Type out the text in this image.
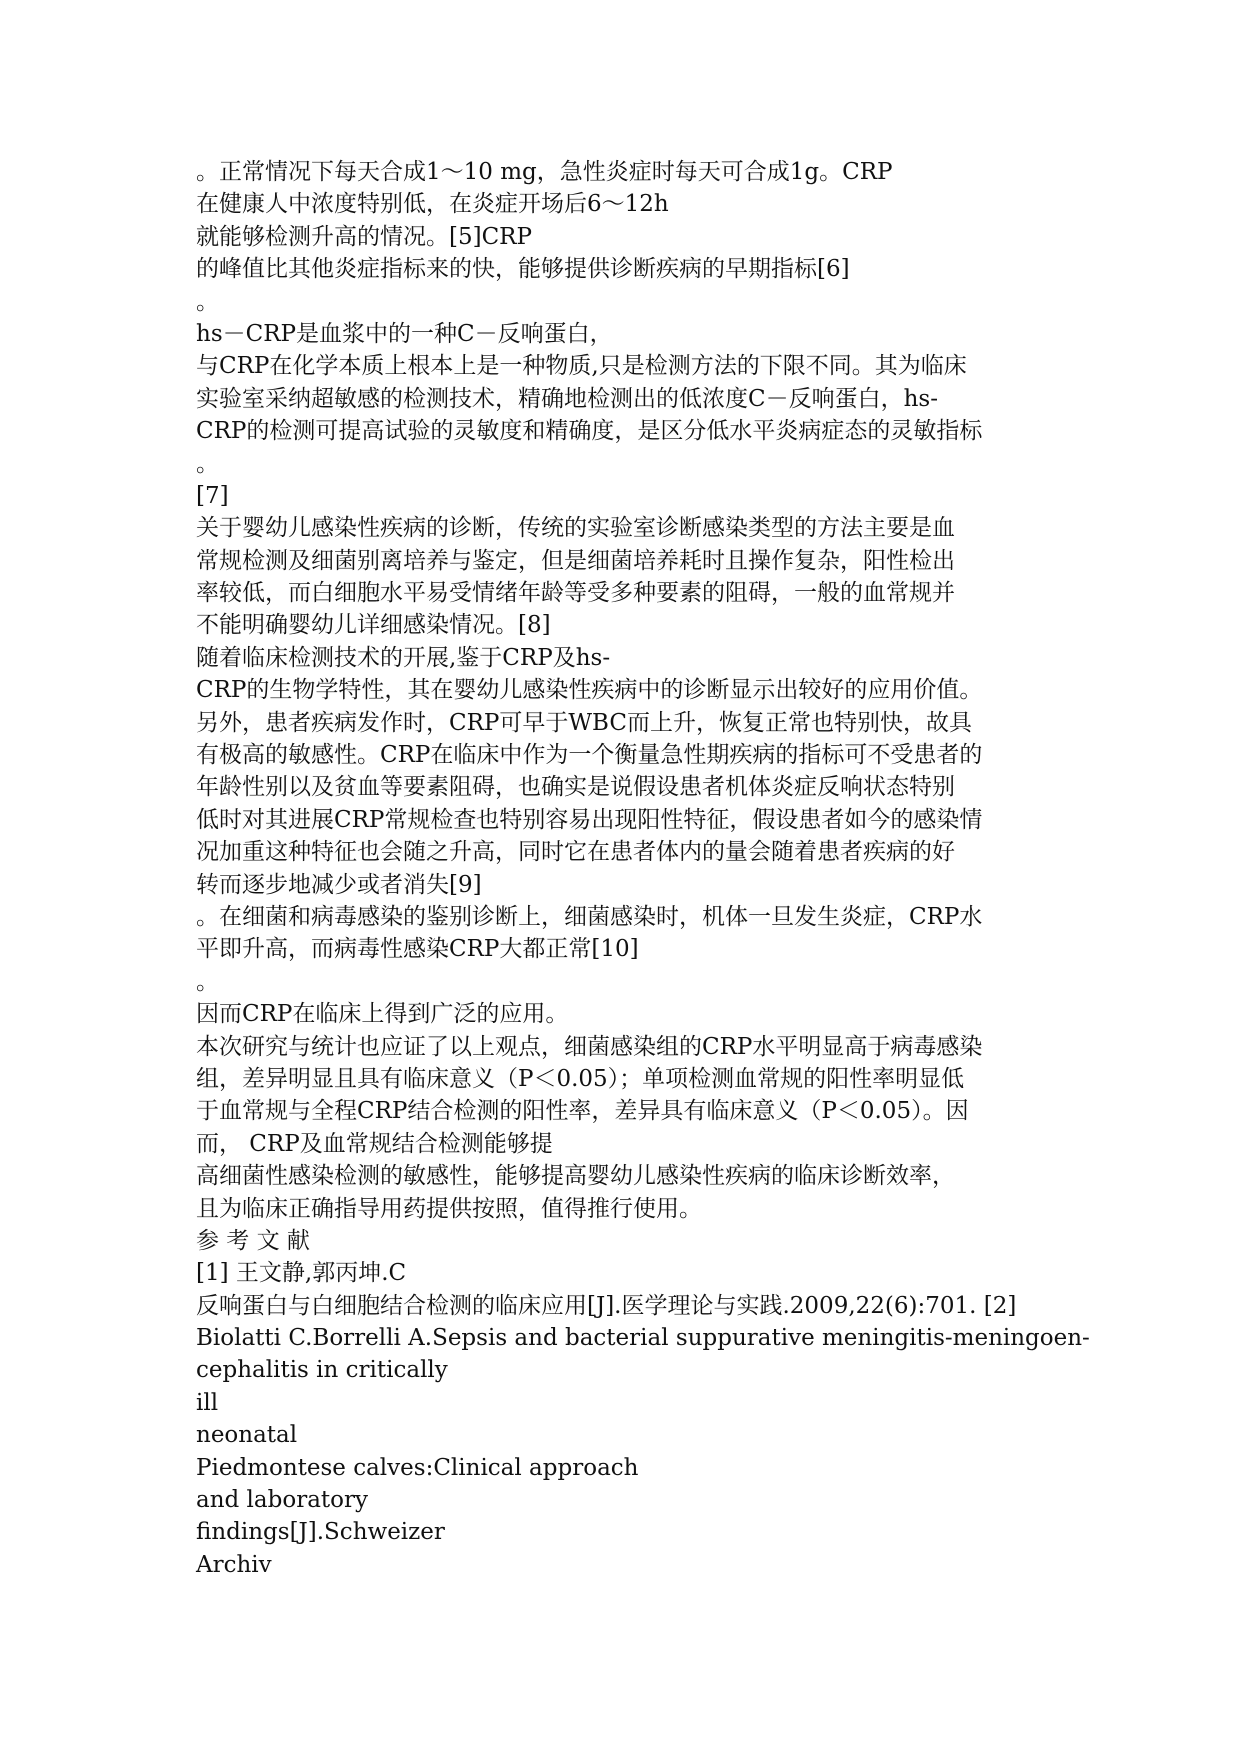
。正常情况下每天合成1～10 mg，急性炎症时每天可合成1g。CRP
在健康人中浓度特别低，在炎症开场后6～12h
就能够检测升高的情况。[5]CRP
的峰值比其他炎症指标来的快，能够提供诊断疾病的早期指标[6]
。
hs－CRP是血浆中的一种C－反响蛋白，
与CRP在化学本质上根本上是一种物质,只是检测方法的下限不同。其为临床
实验室采纳超敏感的检测技术，精确地检测出的低浓度C－反响蛋白，hs-
CRP的检测可提高试验的灵敏度和精确度，是区分低水平炎病症态的灵敏指标
。
[7]
关于婴幼儿感染性疾病的诊断，传统的实验室诊断感染类型的方法主要是血
常规检测及细菌别离培养与鉴定，但是细菌培养耗时且操作复杂，阳性检出
率较低，而白细胞水平易受情绪年龄等受多种要素的阻碍，一般的血常规并
不能明确婴幼儿详细感染情况。[8]
随着临床检测技术的开展,鉴于CRP及hs-
CRP的生物学特性，其在婴幼儿感染性疾病中的诊断显示出较好的应用价值。
另外，患者疾病发作时，CRP可早于WBC而上升，恢复正常也特别快，故具
有极高的敏感性。CRP在临床中作为一个衡量急性期疾病的指标可不受患者的
年龄性别以及贫血等要素阻碍，也确实是说假设患者机体炎症反响状态特别
低时对其进展CRP常规检查也特别容易出现阳性特征，假设患者如今的感染情
况加重这种特征也会随之升高，同时它在患者体内的量会随着患者疾病的好
转而逐步地减少或者消失[9]
。在细菌和病毒感染的鉴别诊断上，细菌感染时，机体一旦发生炎症，CRP水
平即升高，而病毒性感染CRP大都正常[10]
。
因而CRP在临床上得到广泛的应用。
本次研究与统计也应证了以上观点，细菌感染组的CRP水平明显高于病毒感染
组，差异明显且具有临床意义（P＜0.05）；单项检测血常规的阳性率明显低
于血常规与全程CRP结合检测的阳性率，差异具有临床意义（P＜0.05）。因
而， CRP及血常规结合检测能够提
高细菌性感染检测的敏感性，能够提高婴幼儿感染性疾病的临床诊断效率，
且为临床正确指导用药提供按照，值得推行使用。
参 考 文 献
[1] 王文静,郭丙坤.C
反响蛋白与白细胞结合检测的临床应用[J].医学理论与实践.2009,22(6):701. [2]
Biolatti C.Borrelli A.Sepsis and bacterial suppurative meningitis-meningoen-
cephalitis in critically
ill
neonatal
Piedmontese calves:Clinical approach
and laboratory
findings[J].Schweizer
Archiv
